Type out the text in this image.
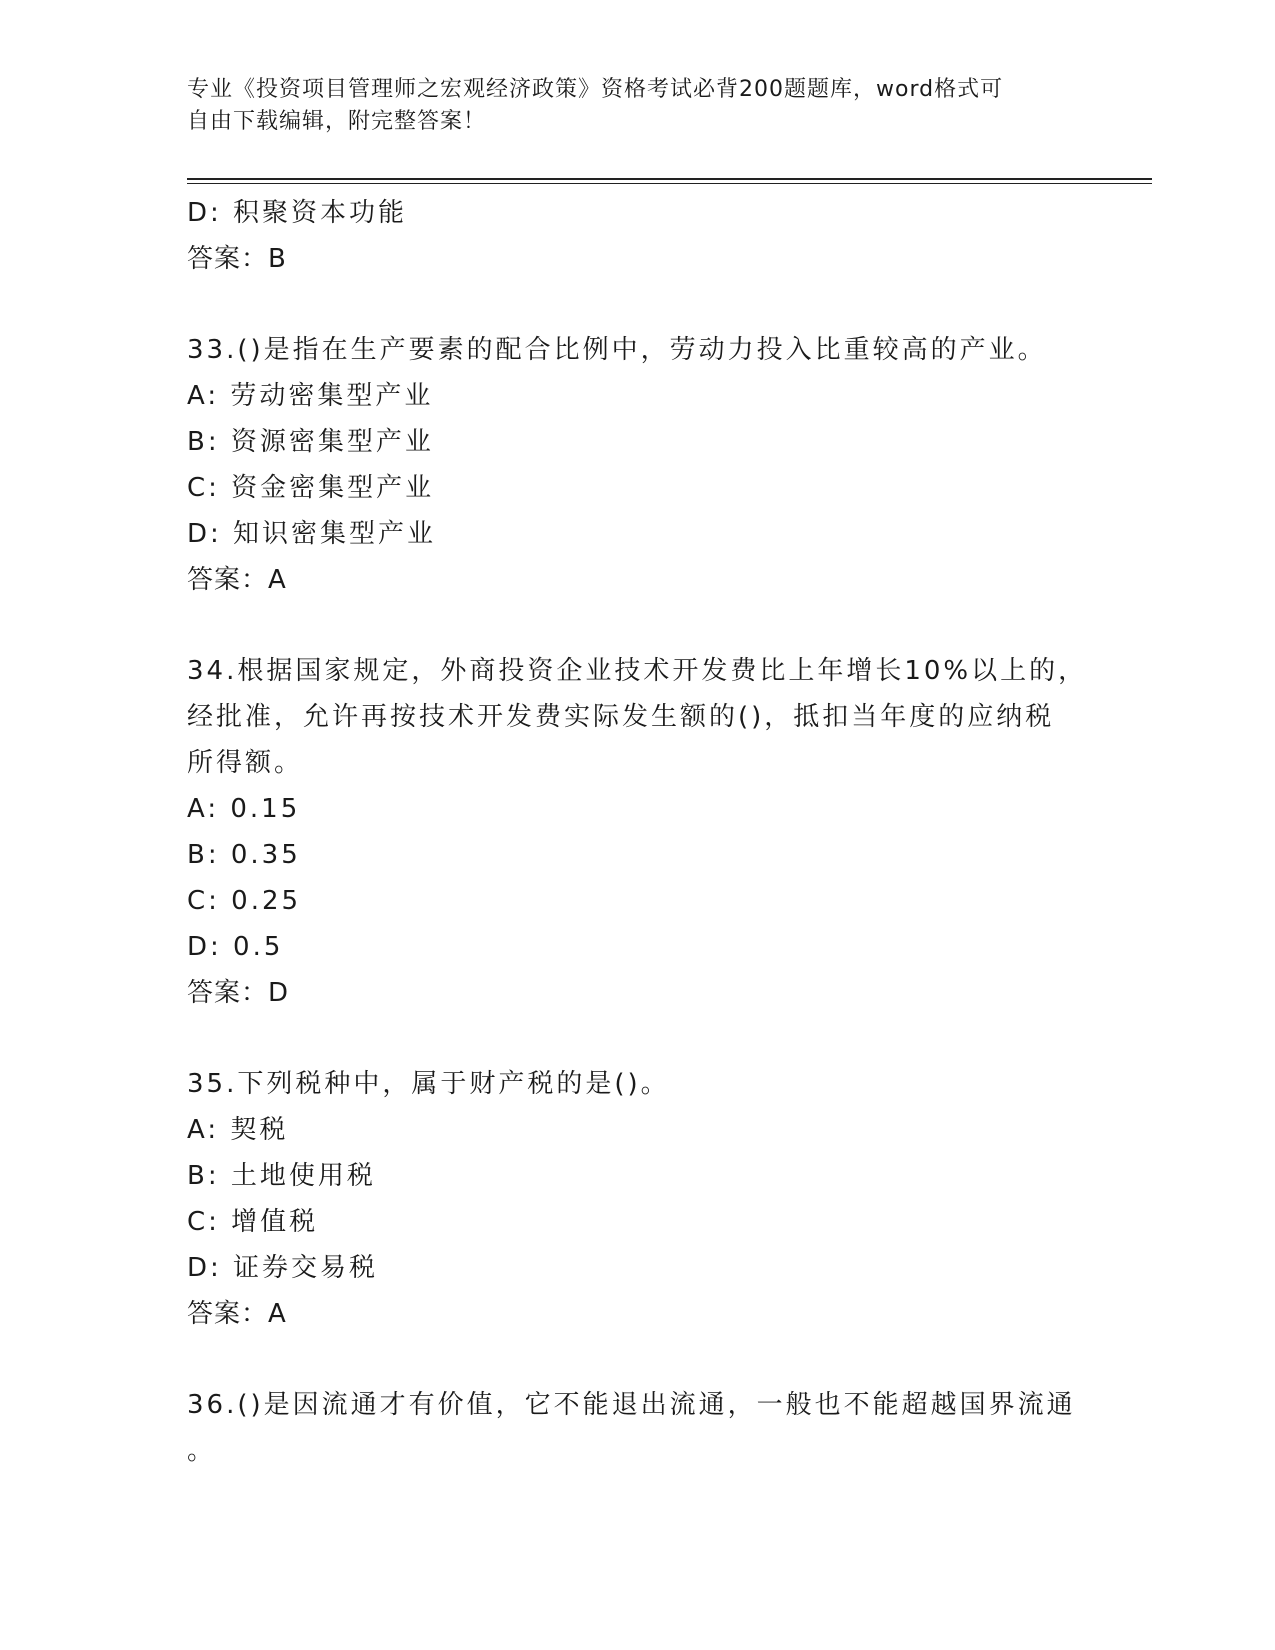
专业《投资项目管理师之宏观经济政策》资格考试必背200题题库，word格式可
自由下载编辑，附完整答案！
D: 积聚资本功能
答案：B
33.()是指在生产要素的配合比例中，劳动力投入比重较高的产业。
A: 劳动密集型产业
B: 资源密集型产业
C: 资金密集型产业
D: 知识密集型产业
答案：A
34.根据国家规定，外商投资企业技术开发费比上年增长10%以上的，
经批准，允许再按技术开发费实际发生额的()，抵扣当年度的应纳税
所得额。
A: 0.15
B: 0.35
C: 0.25
D: 0.5
答案：D
35.下列税种中，属于财产税的是()。
A: 契税
B: 土地使用税
C: 增值税
D: 证券交易税
答案：A
36.()是因流通才有价值，它不能退出流通，一般也不能超越国界流通
。
